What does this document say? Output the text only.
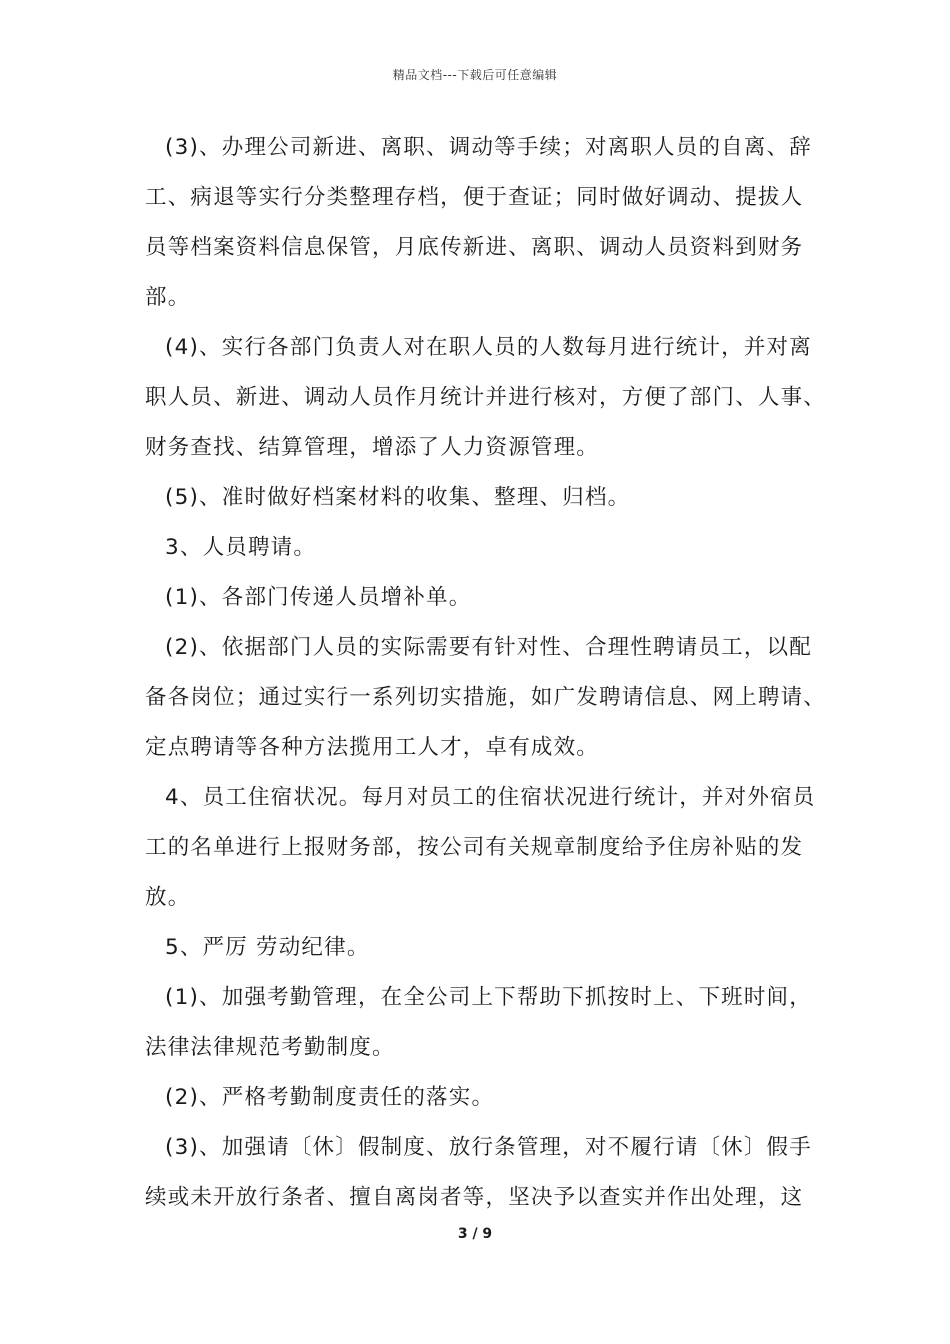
精品文档---下载后可任意编辑
(3)、办理公司新进、离职、调动等手续；对离职人员的自离、辞
工、病退等实行分类整理存档，便于查证；同时做好调动、提拔人
员等档案资料信息保管，月底传新进、离职、调动人员资料到财务
部。
(4)、实行各部门负责人对在职人员的人数每月进行统计，并对离
职人员、新进、调动人员作月统计并进行核对，方便了部门、人事、
财务查找、结算管理，增添了人力资源管理。
(5)、准时做好档案材料的收集、整理、归档。
3、人员聘请。
(1)、各部门传递人员增补单。
(2)、依据部门人员的实际需要有针对性、合理性聘请员工，以配
备各岗位；通过实行一系列切实措施，如广发聘请信息、网上聘请、
定点聘请等各种方法揽用工人才，卓有成效。
4、员工住宿状况。每月对员工的住宿状况进行统计，并对外宿员
工的名单进行上报财务部，按公司有关规章制度给予住房补贴的发
放。
5、严厉 劳动纪律。
(1)、加强考勤管理，在全公司上下帮助下抓按时上、下班时间，
法律法律规范考勤制度。
(2)、严格考勤制度责任的落实。
(3)、加强请〔休〕假制度、放行条管理，对不履行请〔休〕假手
续或未开放行条者、擅自离岗者等，坚决予以查实并作出处理，这
3 / 9
